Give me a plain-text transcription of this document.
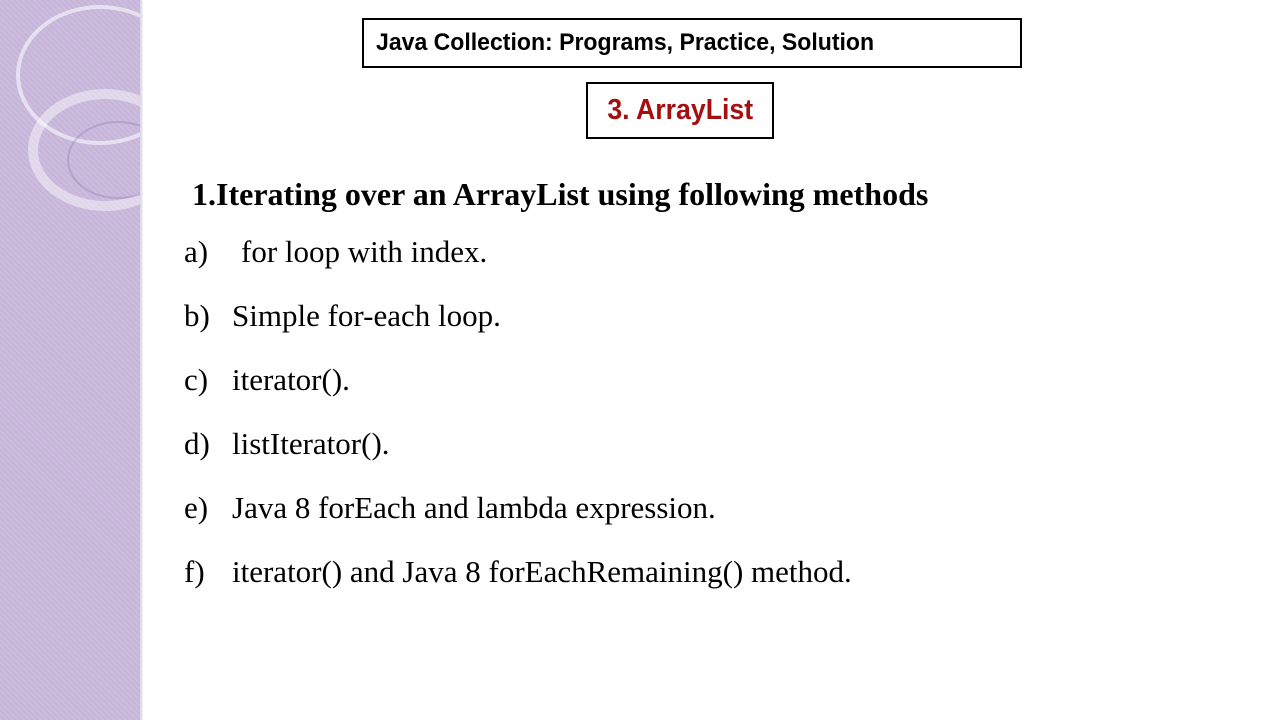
Java Collection: Programs, Practice, Solution
3. ArrayList
1.Iterating over an ArrayList using following methods
a)	for loop with index.
b) Simple for-each loop.
c) iterator().
d) listIterator().
e) Java 8 forEach and lambda expression.
f) iterator() and Java 8 forEachRemaining() method.
